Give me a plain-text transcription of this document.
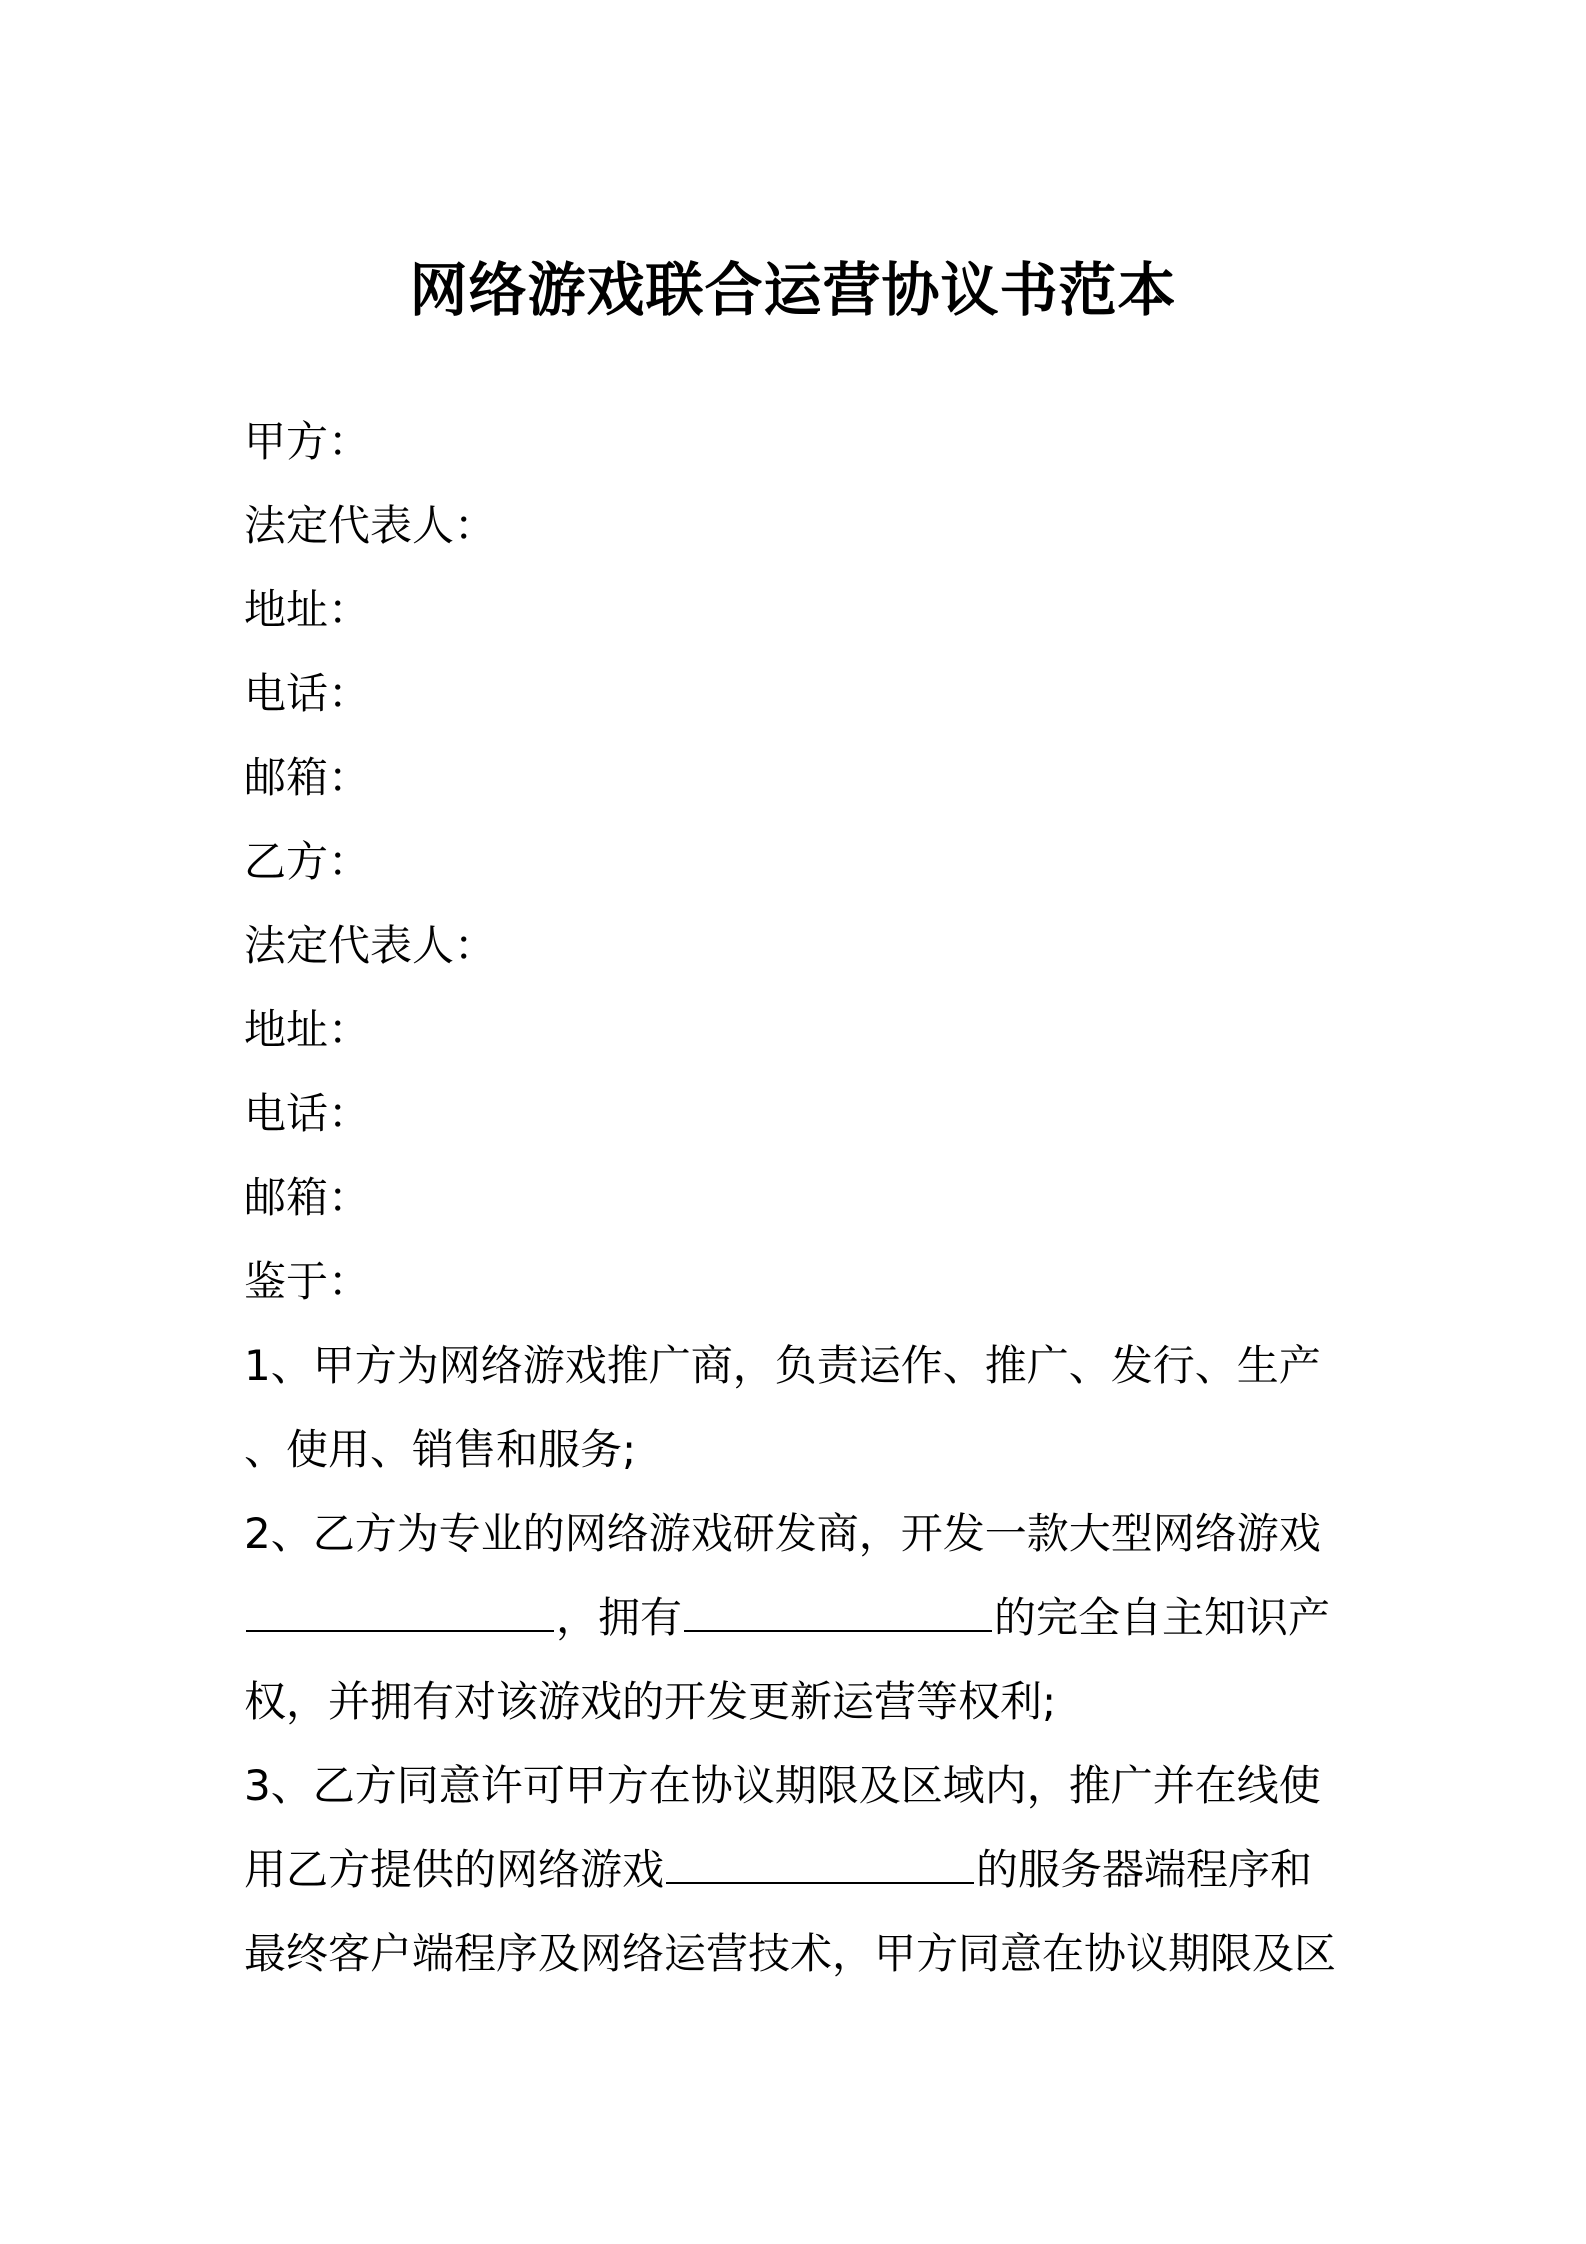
网络游戏联合运营协议书范本
甲方：
法定代表人：
地址：
电话：
邮箱：
乙方：
法定代表人：
地址：
电话：
邮箱：
鉴于：
1、甲方为网络游戏推广商，负责运作、推广、发行、生产
、使用、销售和服务;
2、乙方为专业的网络游戏研发商，开发一款大型网络游戏
，拥有	的完全自主知识产
权，并拥有对该游戏的开发更新运营等权利;
3、乙方同意许可甲方在协议期限及区域内，推广并在线使
用乙方提供的网络游戏	的服务器端程序和
最终客户端程序及网络运营技术，甲方同意在协议期限及区
